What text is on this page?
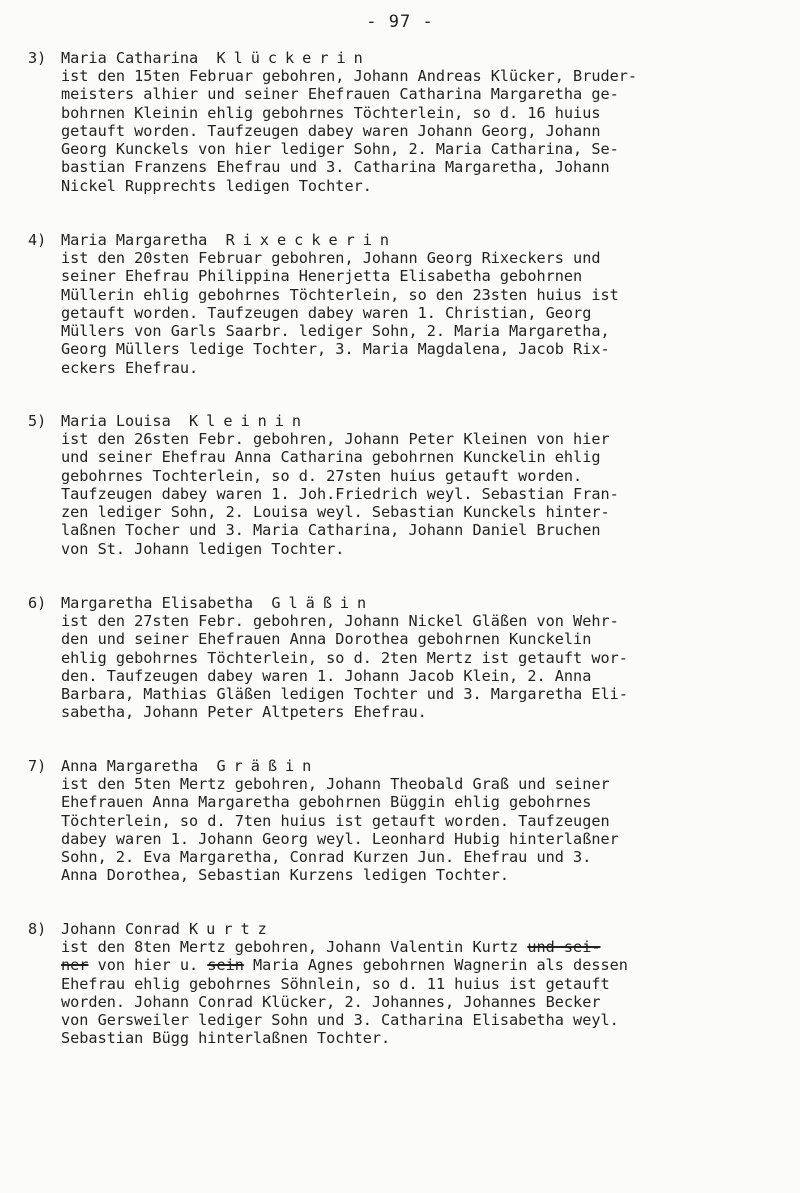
- 97 -
3) Maria Catharina Klückerin
ist den 15ten Februar gebohren, Johann Andreas Klücker, Bruder-
meisters alhier und seiner Ehefrauen Catharina Margaretha ge-
bohrnen Kleinin ehlig gebohrnes Töchterlein, so d. 16 huius
getauft worden. Taufzeugen dabey waren Johann Georg, Johann
Georg Kunckels von hier lediger Sohn, 2. Maria Catharina, Se-
bastian Franzens Ehefrau und 3. Catharina Margaretha, Johann
Nickel Rupprechts ledigen Tochter.
4) Maria Margaretha Rixeckerin
ist den 20sten Februar gebohren, Johann Georg Rixeckers und
seiner Ehefrau Philippina Henerjetta Elisabetha gebohrnen
Müllerin ehlig gebohrnes Töchterlein, so den 23sten huius ist
getauft worden. Taufzeugen dabey waren 1. Christian, Georg
Müllers von Garls Saarbr. lediger Sohn, 2. Maria Margaretha,
Georg Müllers ledige Tochter, 3. Maria Magdalena, Jacob Rix-
eckers Ehefrau.
5) Maria Louisa Kleinin
ist den 26sten Febr. gebohren, Johann Peter Kleinen von hier
und seiner Ehefrau Anna Catharina gebohrnen Kunckelin ehlig
gebohrnes Tochterlein, so d. 27sten huius getauft worden.
Taufzeugen dabey waren 1. Joh.Friedrich weyl. Sebastian Fran-
zen lediger Sohn, 2. Louisa weyl. Sebastian Kunckels hinter-
laßnen Tocher und 3. Maria Catharina, Johann Daniel Bruchen
von St. Johann ledigen Tochter.
6) Margaretha Elisabetha Gläßin
ist den 27sten Febr. gebohren, Johann Nickel Gläßen von Wehr-
den und seiner Ehefrauen Anna Dorothea gebohrnen Kunckelin
ehlig gebohrnes Töchterlein, so d. 2ten Mertz ist getauft wor-
den. Taufzeugen dabey waren 1. Johann Jacob Klein, 2. Anna
Barbara, Mathias Gläßen ledigen Tochter und 3. Margaretha Eli-
sabetha, Johann Peter Altpeters Ehefrau.
7) Anna Margaretha Gräßin
ist den 5ten Mertz gebohren, Johann Theobald Graß und seiner
Ehefrauen Anna Margaretha gebohrnen Büggin ehlig gebohrnes
Töchterlein, so d. 7ten huius ist getauft worden. Taufzeugen
dabey waren 1. Johann Georg weyl. Leonhard Hubig hinterlaßner
Sohn, 2. Eva Margaretha, Conrad Kurzen Jun. Ehefrau und 3.
Anna Dorothea, Sebastian Kurzens ledigen Tochter.
8) Johann Conrad Kurtz
ist den 8ten Mertz gebohren, Johann Valentin Kurtz und sei-
ner von hier u. sein Maria Agnes gebohrnen Wagnerin als dessen
Ehefrau ehlig gebohrnes Söhnlein, so d. 11 huius ist getauft
worden. Johann Conrad Klücker, 2. Johannes, Johannes Becker
von Gersweiler lediger Sohn und 3. Catharina Elisabetha weyl.
Sebastian Bügg hinterlaßnen Tochter.
